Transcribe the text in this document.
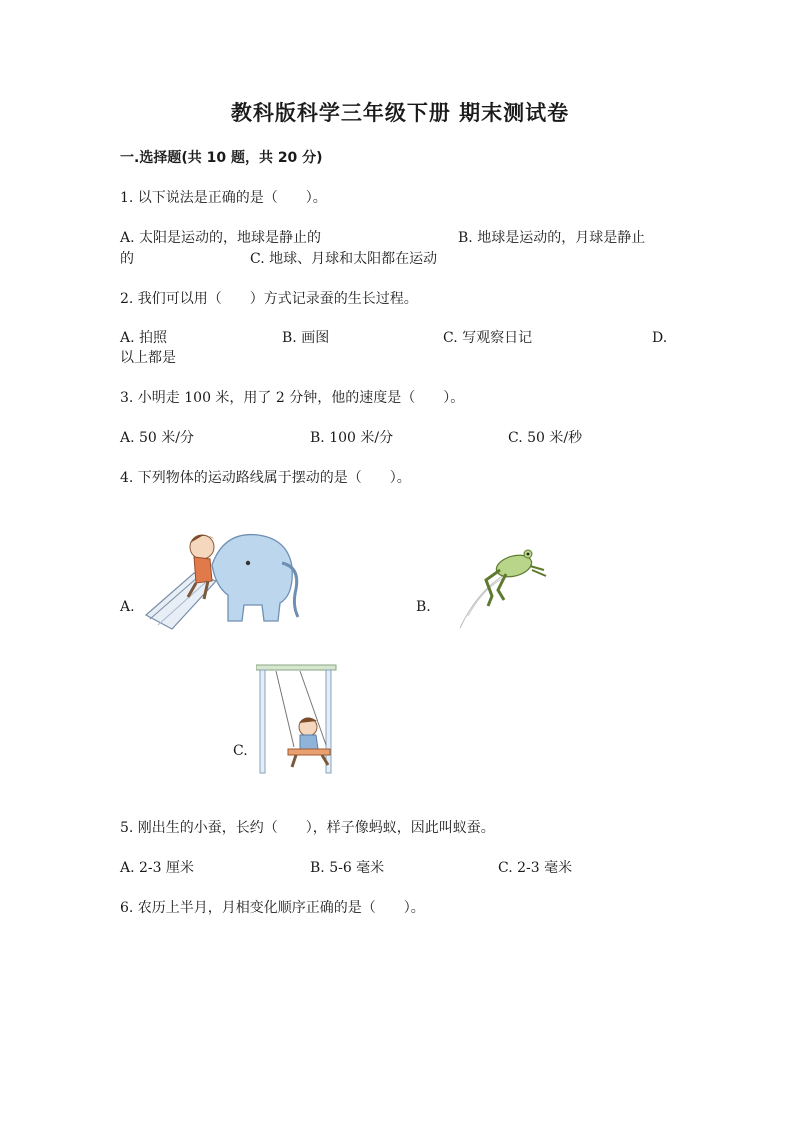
教科版科学三年级下册 期末测试卷
一.选择题(共 10 题，共 20 分)
1. 以下说法是正确的是（　　）。
A. 太阳是运动的，地球是静止的	B. 地球是运动的，月球是静止
的	C. 地球、月球和太阳都在运动
2. 我们可以用（　　）方式记录蚕的生长过程。
A. 拍照	B. 画图	C. 写观察日记	D.
以上都是
3. 小明走 100 米，用了 2 分钟，他的速度是（　　）。
A. 50 米/分	B. 100 米/分	C. 50 米/秒
4. 下列物体的运动路线属于摆动的是（　　）。
A.	B.
C.
5. 刚出生的小蚕，长约（　　），样子像蚂蚁，因此叫蚁蚕。
A. 2-3 厘米	B. 5-6 毫米	C. 2-3 毫米
6. 农历上半月，月相变化顺序正确的是（　　）。
